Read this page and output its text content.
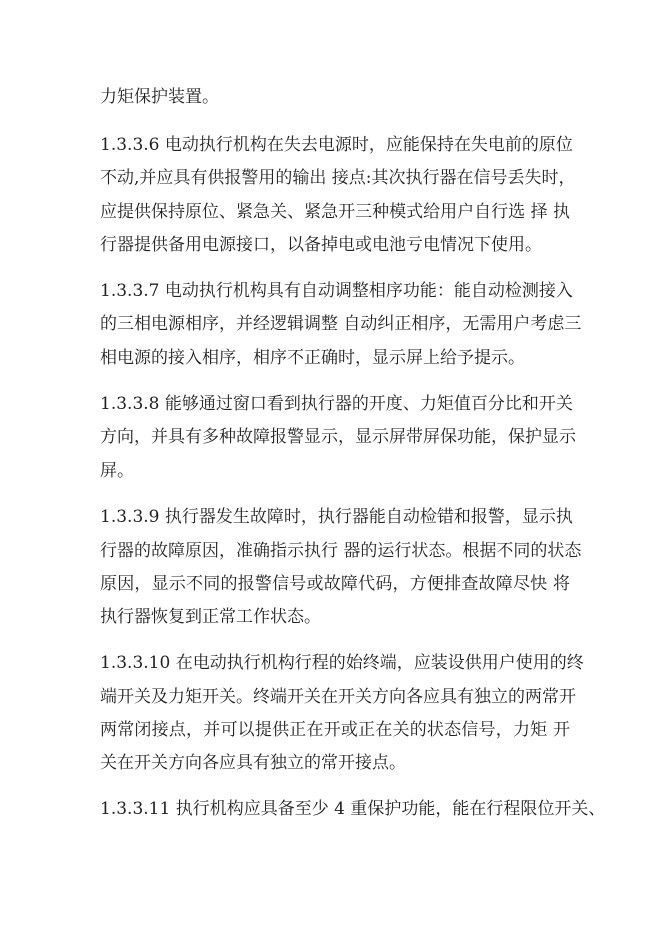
力矩保护装置。
1.3.3.6 电动执行机构在失去电源时，应能保持在失电前的原位
不动,并应具有供报警用的输出 接点:其次执行器在信号丢失时，
应提供保持原位、紧急关、紧急开三种模式给用户自行选 择 执
行器提供备用电源接口，以备掉电或电池亏电情况下使用。
1.3.3.7 电动执行机构具有自动调整相序功能：能自动检测接入
的三相电源相序，并经逻辑调整 自动纠正相序，无需用户考虑三
相电源的接入相序，相序不正确时，显示屏上给予提示。
1.3.3.8 能够通过窗口看到执行器的开度、力矩值百分比和开关
方向，并具有多种故障报警显示，显示屏带屏保功能，保护显示
屏。
1.3.3.9 执行器发生故障时，执行器能自动检错和报警，显示执
行器的故障原因，准确指示执行 器的运行状态。根据不同的状态
原因，显示不同的报警信号或故障代码，方便排查故障尽快 将
执行器恢复到正常工作状态。
1.3.3.10 在电动执行机构行程的始终端，应装设供用户使用的终
端开关及力矩开关。终端开关在开关方向各应具有独立的两常开
两常闭接点，并可以提供正在开或正在关的状态信号，力矩 开
关在开关方向各应具有独立的常开接点。
1.3.3.11 执行机构应具备至少 4 重保护功能，能在行程限位开关、
